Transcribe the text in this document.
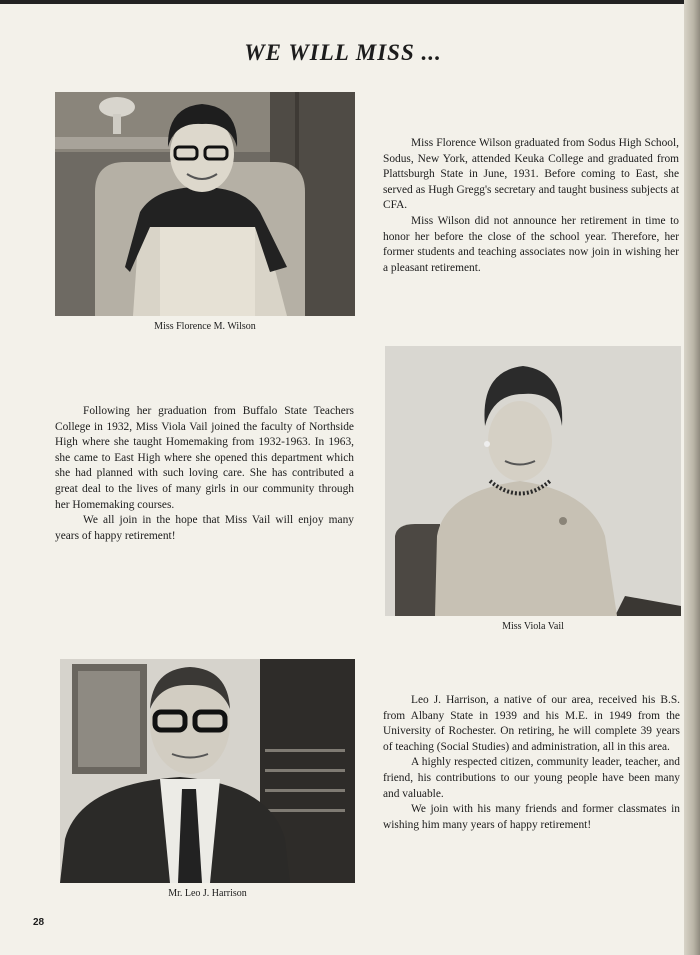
WE WILL MISS ...
Miss Florence M. Wilson

Miss Florence Wilson graduated from Sodus High School, Sodus, New York, attended Keuka College and graduated from Plattsburgh State in June, 1931. Before coming to East, she served as Hugh Gregg's secretary and taught business subjects at CFA.

Miss Wilson did not announce her retirement in time to honor her before the close of the school year. Therefore, her former students and teaching associates now join in wishing her a pleasant retirement.

Following her graduation from Buffalo State Teachers College in 1932, Miss Viola Vail joined the faculty of Northside High where she taught Homemaking from 1932-1963. In 1963, she came to East High where she opened this department which she had planned with such loving care. She has contributed a great deal to the lives of many girls in our community through her Homemaking courses.

We all join in the hope that Miss Vail will enjoy many years of happy retirement!

Miss Viola Vail
Mr. Leo J. Harrison

Leo J. Harrison, a native of our area, received his B.S. from Albany State in 1939 and his M.E. in 1949 from the University of Rochester. On retiring, he will complete 39 years of teaching (Social Studies) and administration, all in this area.

A highly respected citizen, community leader, teacher, and friend, his contributions to our young people have been many and valuable.

We join with his many friends and former classmates in wishing him many years of happy retirement!

28
